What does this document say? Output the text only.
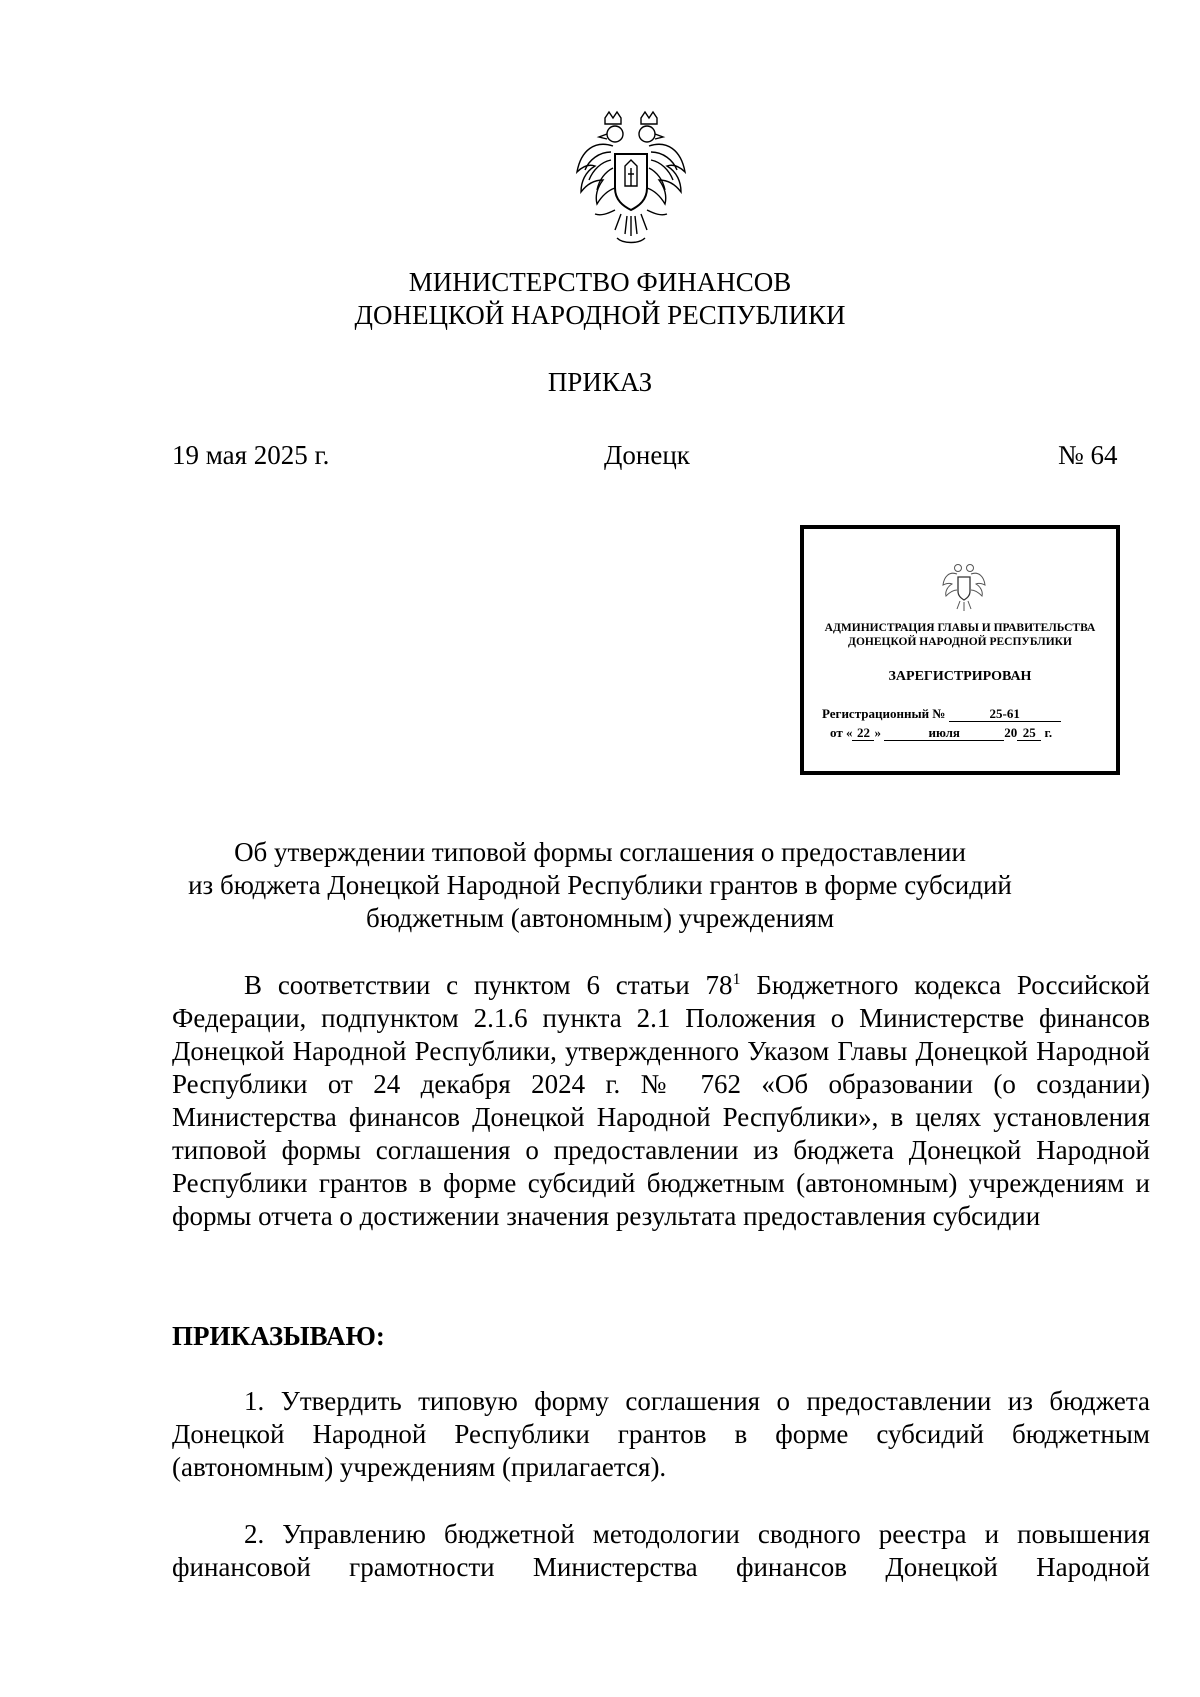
МИНИСТЕРСТВО ФИНАНСОВ
ДОНЕЦКОЙ НАРОДНОЙ РЕСПУБЛИКИ
ПРИКАЗ
19 мая 2025 г.	Донецк	№ 64
АДМИНИСТРАЦИЯ ГЛАВЫ И ПРАВИТЕЛЬСТВА
ДОНЕЦКОЙ НАРОДНОЙ РЕСПУБЛИКИ
ЗАРЕГИСТРИРОВАН
Регистрационный №	25-61
от « 22 »	июля	20 25 г.
Об утверждении типовой формы соглашения о предоставлении
из бюджета Донецкой Народной Республики грантов в форме субсидий
бюджетным (автономным) учреждениям
В соответствии с пунктом 6 статьи $78^1$ Бюджетного кодекса Российской Федерации, подпунктом 2.1.6 пункта 2.1 Положения о Министерстве финансов Донецкой Народной Республики, утвержденного Указом Главы Донецкой Народной Республики от 24 декабря 2024 г. № 762 «Об образовании (о создании) Министерства финансов Донецкой Народной Республики», в целях установления типовой формы соглашения о предоставлении из бюджета Донецкой Народной Республики грантов в форме субсидий бюджетным (автономным) учреждениям и формы отчета о достижении значения результата предоставления субсидии
ПРИКАЗЫВАЮ:
1. Утвердить типовую форму соглашения о предоставлении из бюджета Донецкой Народной Республики грантов в форме субсидий бюджетным (автономным) учреждениям (прилагается).
2. Управлению бюджетной методологии сводного реестра и повышения финансовой грамотности Министерства финансов Донецкой Народной
